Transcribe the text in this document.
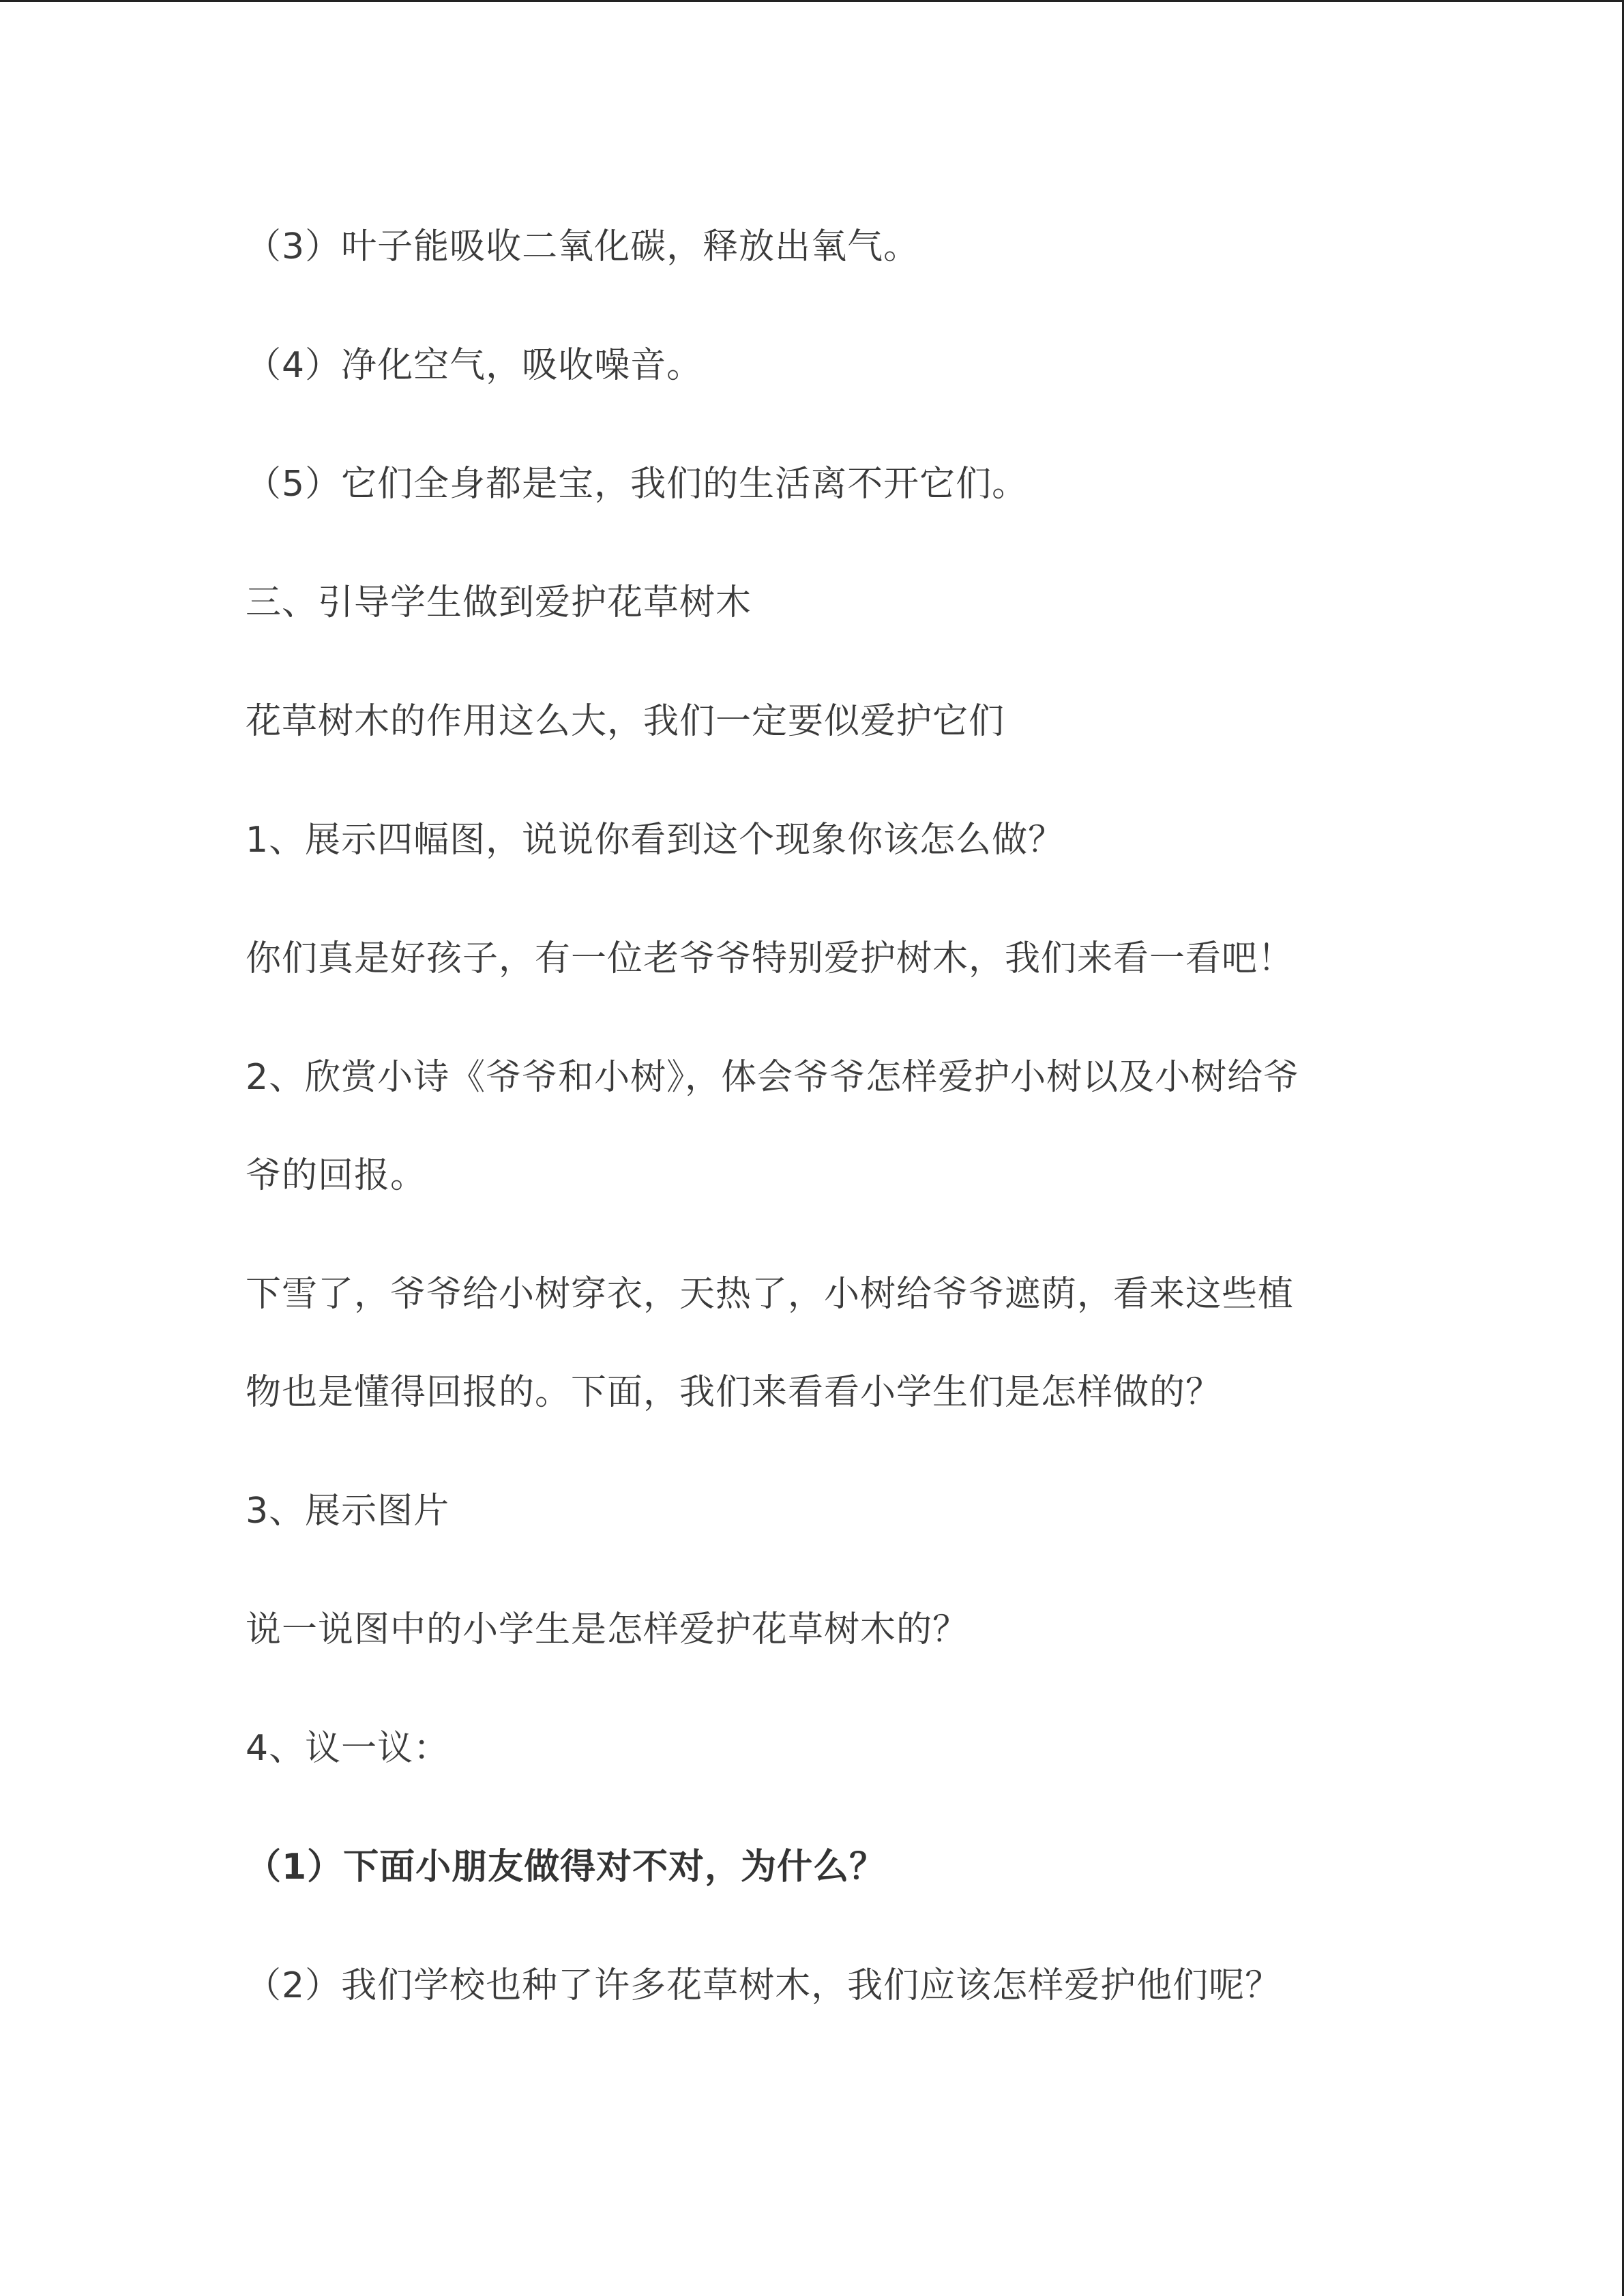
（3）叶子能吸收二氧化碳，释放出氧气。

（4）净化空气，吸收噪音。

（5）它们全身都是宝，我们的生活离不开它们。

三、引导学生做到爱护花草树木

花草树木的作用这么大，我们一定要似爱护它们

1、展示四幅图，说说你看到这个现象你该怎么做？

你们真是好孩子，有一位老爷爷特别爱护树木，我们来看一看吧！

2、欣赏小诗《爷爷和小树》，体会爷爷怎样爱护小树以及小树给爷

爷的回报。

下雪了，爷爷给小树穿衣，天热了，小树给爷爷遮荫，看来这些植

物也是懂得回报的。下面，我们来看看小学生们是怎样做的？

3、展示图片

说一说图中的小学生是怎样爱护花草树木的？

4、议一议：

（1）下面小朋友做得对不对，为什么？

（2）我们学校也种了许多花草树木，我们应该怎样爱护他们呢？
